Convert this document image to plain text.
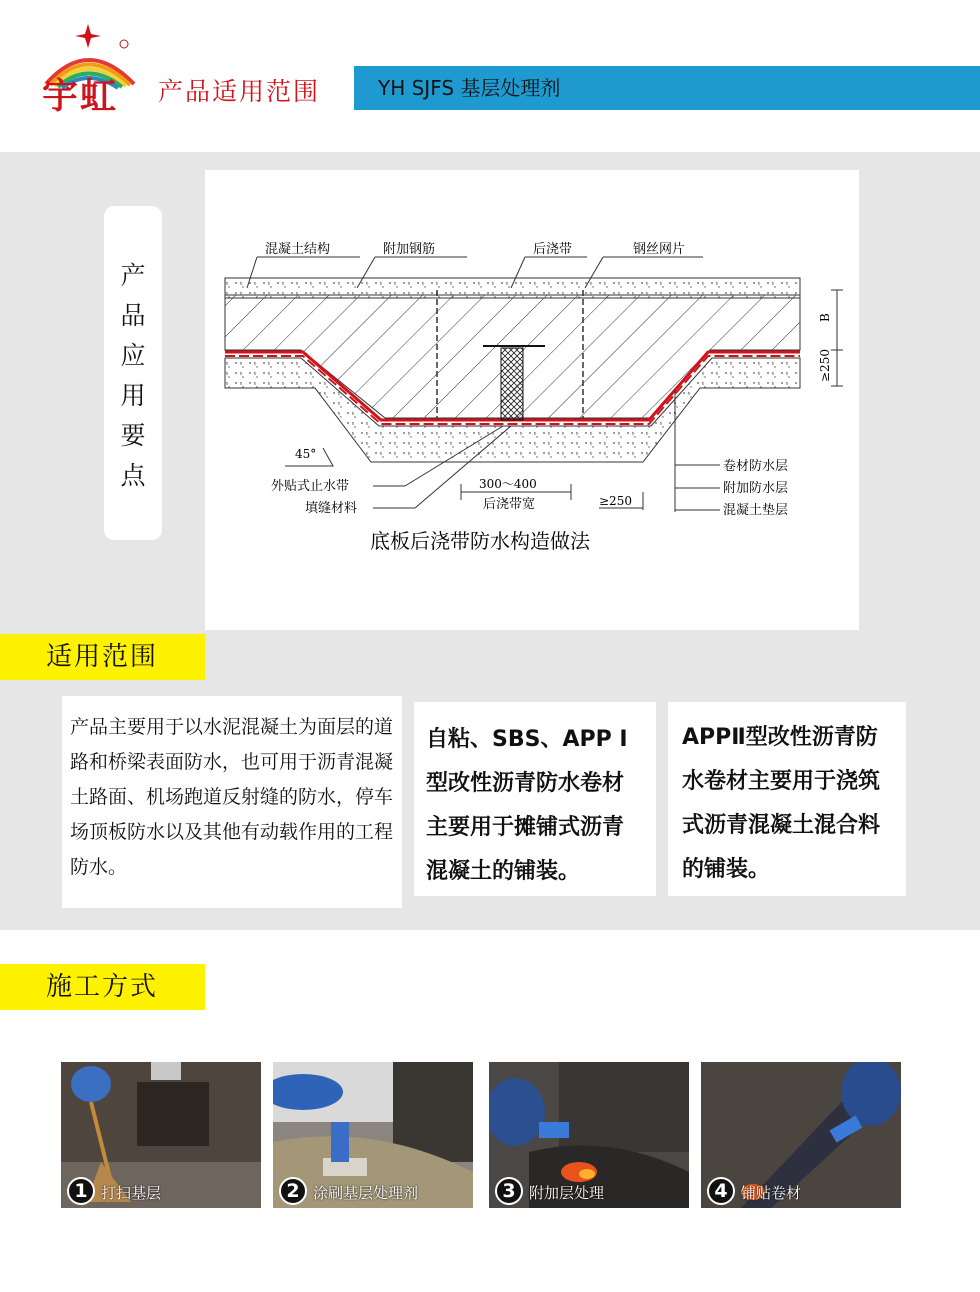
宇虹 产品适用范围	YH SJFS 基层处理剂
产
品
应
用
要
点
B
≥250
混凝土结构	附加钢筋	后浇带	钢丝网片
卷材防水层
附加防水层
混凝土垫层
45°
外贴式止水带
填缝材料
300～400
后浇带宽	≥250
底板后浇带防水构造做法
适用范围
产品主要用于以水泥混凝土为面层的道路和桥梁表面防水，也可用于沥青混凝土路面、机场跑道反射缝的防水，停车场顶板防水以及其他有动载作用的工程防水。
自粘、SBS、APP Ⅰ型改性沥青防水卷材主要用于摊铺式沥青混凝土的铺装。
APPⅡ型改性沥青防水卷材主要用于浇筑式沥青混凝土混合料的铺装。
施工方式
1 打扫基层	2 涂刷基层处理剂	3 附加层处理	4 铺贴卷材
